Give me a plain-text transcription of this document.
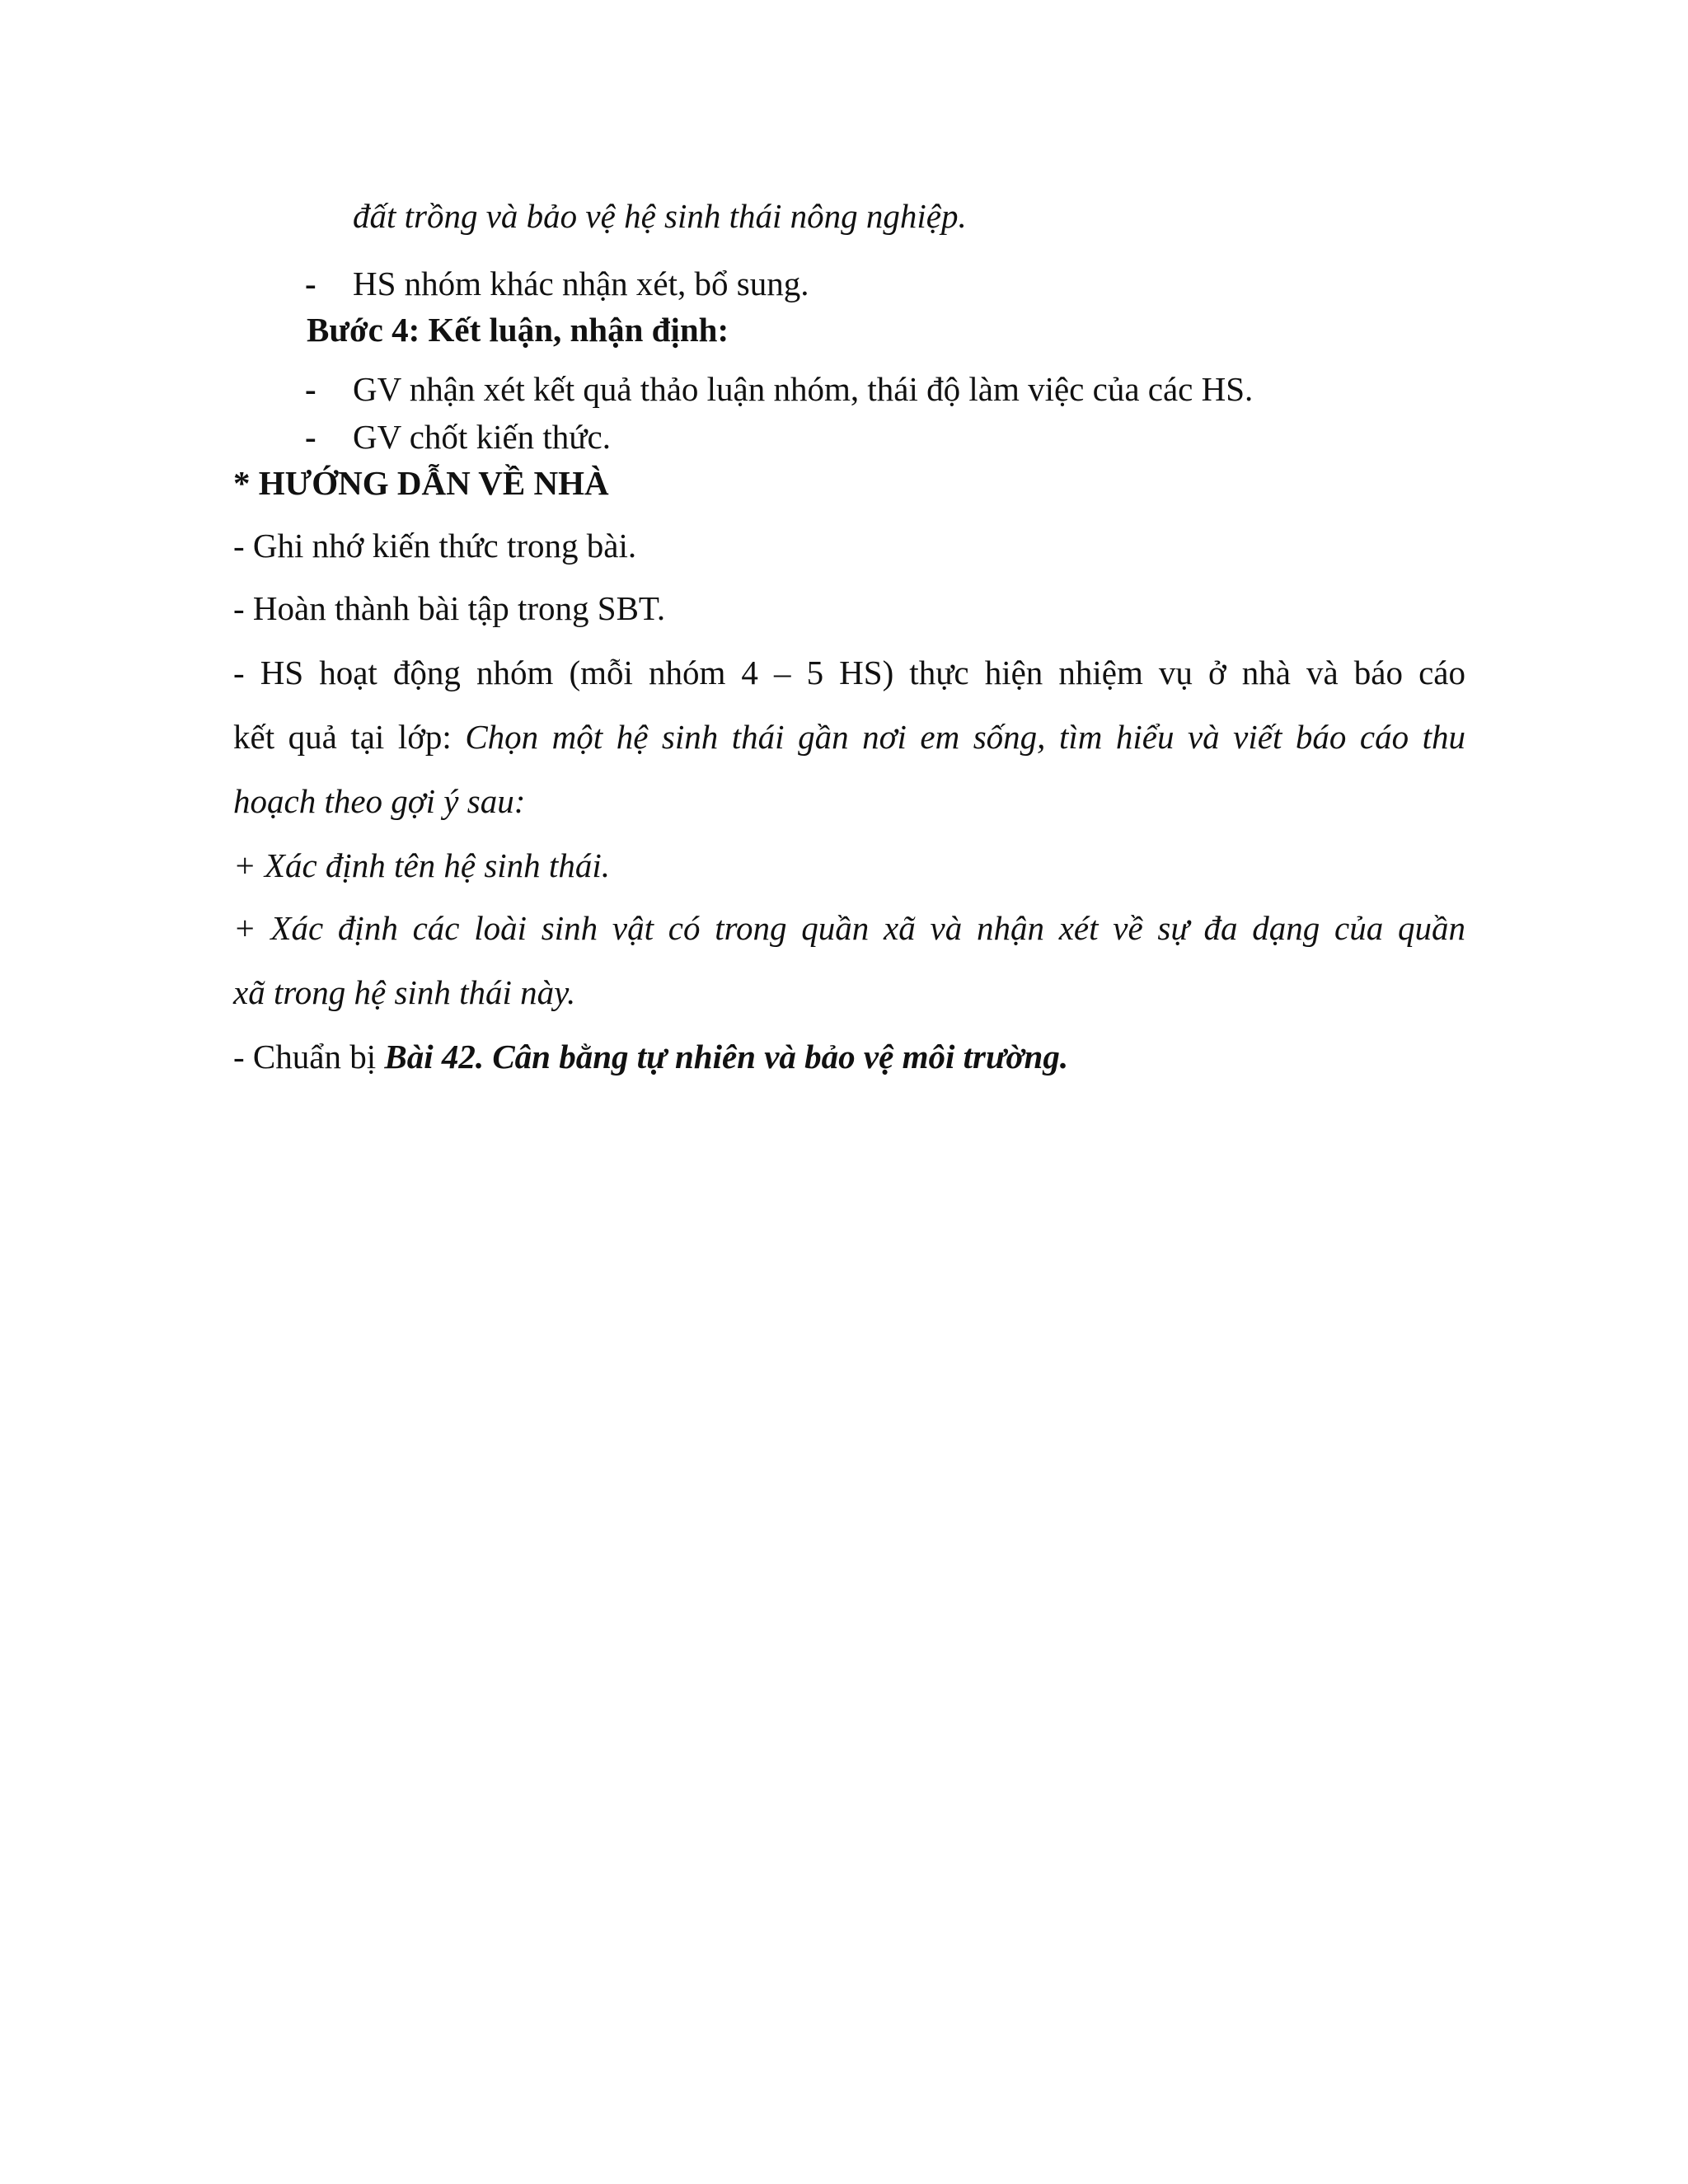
đất trồng và bảo vệ hệ sinh thái nông nghiệp.
- HS nhóm khác nhận xét, bổ sung.
Bước 4: Kết luận, nhận định:
- GV nhận xét kết quả thảo luận nhóm, thái độ làm việc của các HS.
- GV chốt kiến thức.
* HƯỚNG DẪN VỀ NHÀ
- Ghi nhớ kiến thức trong bài.
- Hoàn thành bài tập trong SBT.
- HS hoạt động nhóm (mỗi nhóm 4 – 5 HS) thực hiện nhiệm vụ ở nhà và báo cáo
kết quả tại lớp: Chọn một hệ sinh thái gần nơi em sống, tìm hiểu và viết báo cáo thu
hoạch theo gợi ý sau:
+ Xác định tên hệ sinh thái.
+ Xác định các loài sinh vật có trong quần xã và nhận xét về sự đa dạng của quần
xã trong hệ sinh thái này.
- Chuẩn bị Bài 42. Cân bằng tự nhiên và bảo vệ môi trường.
